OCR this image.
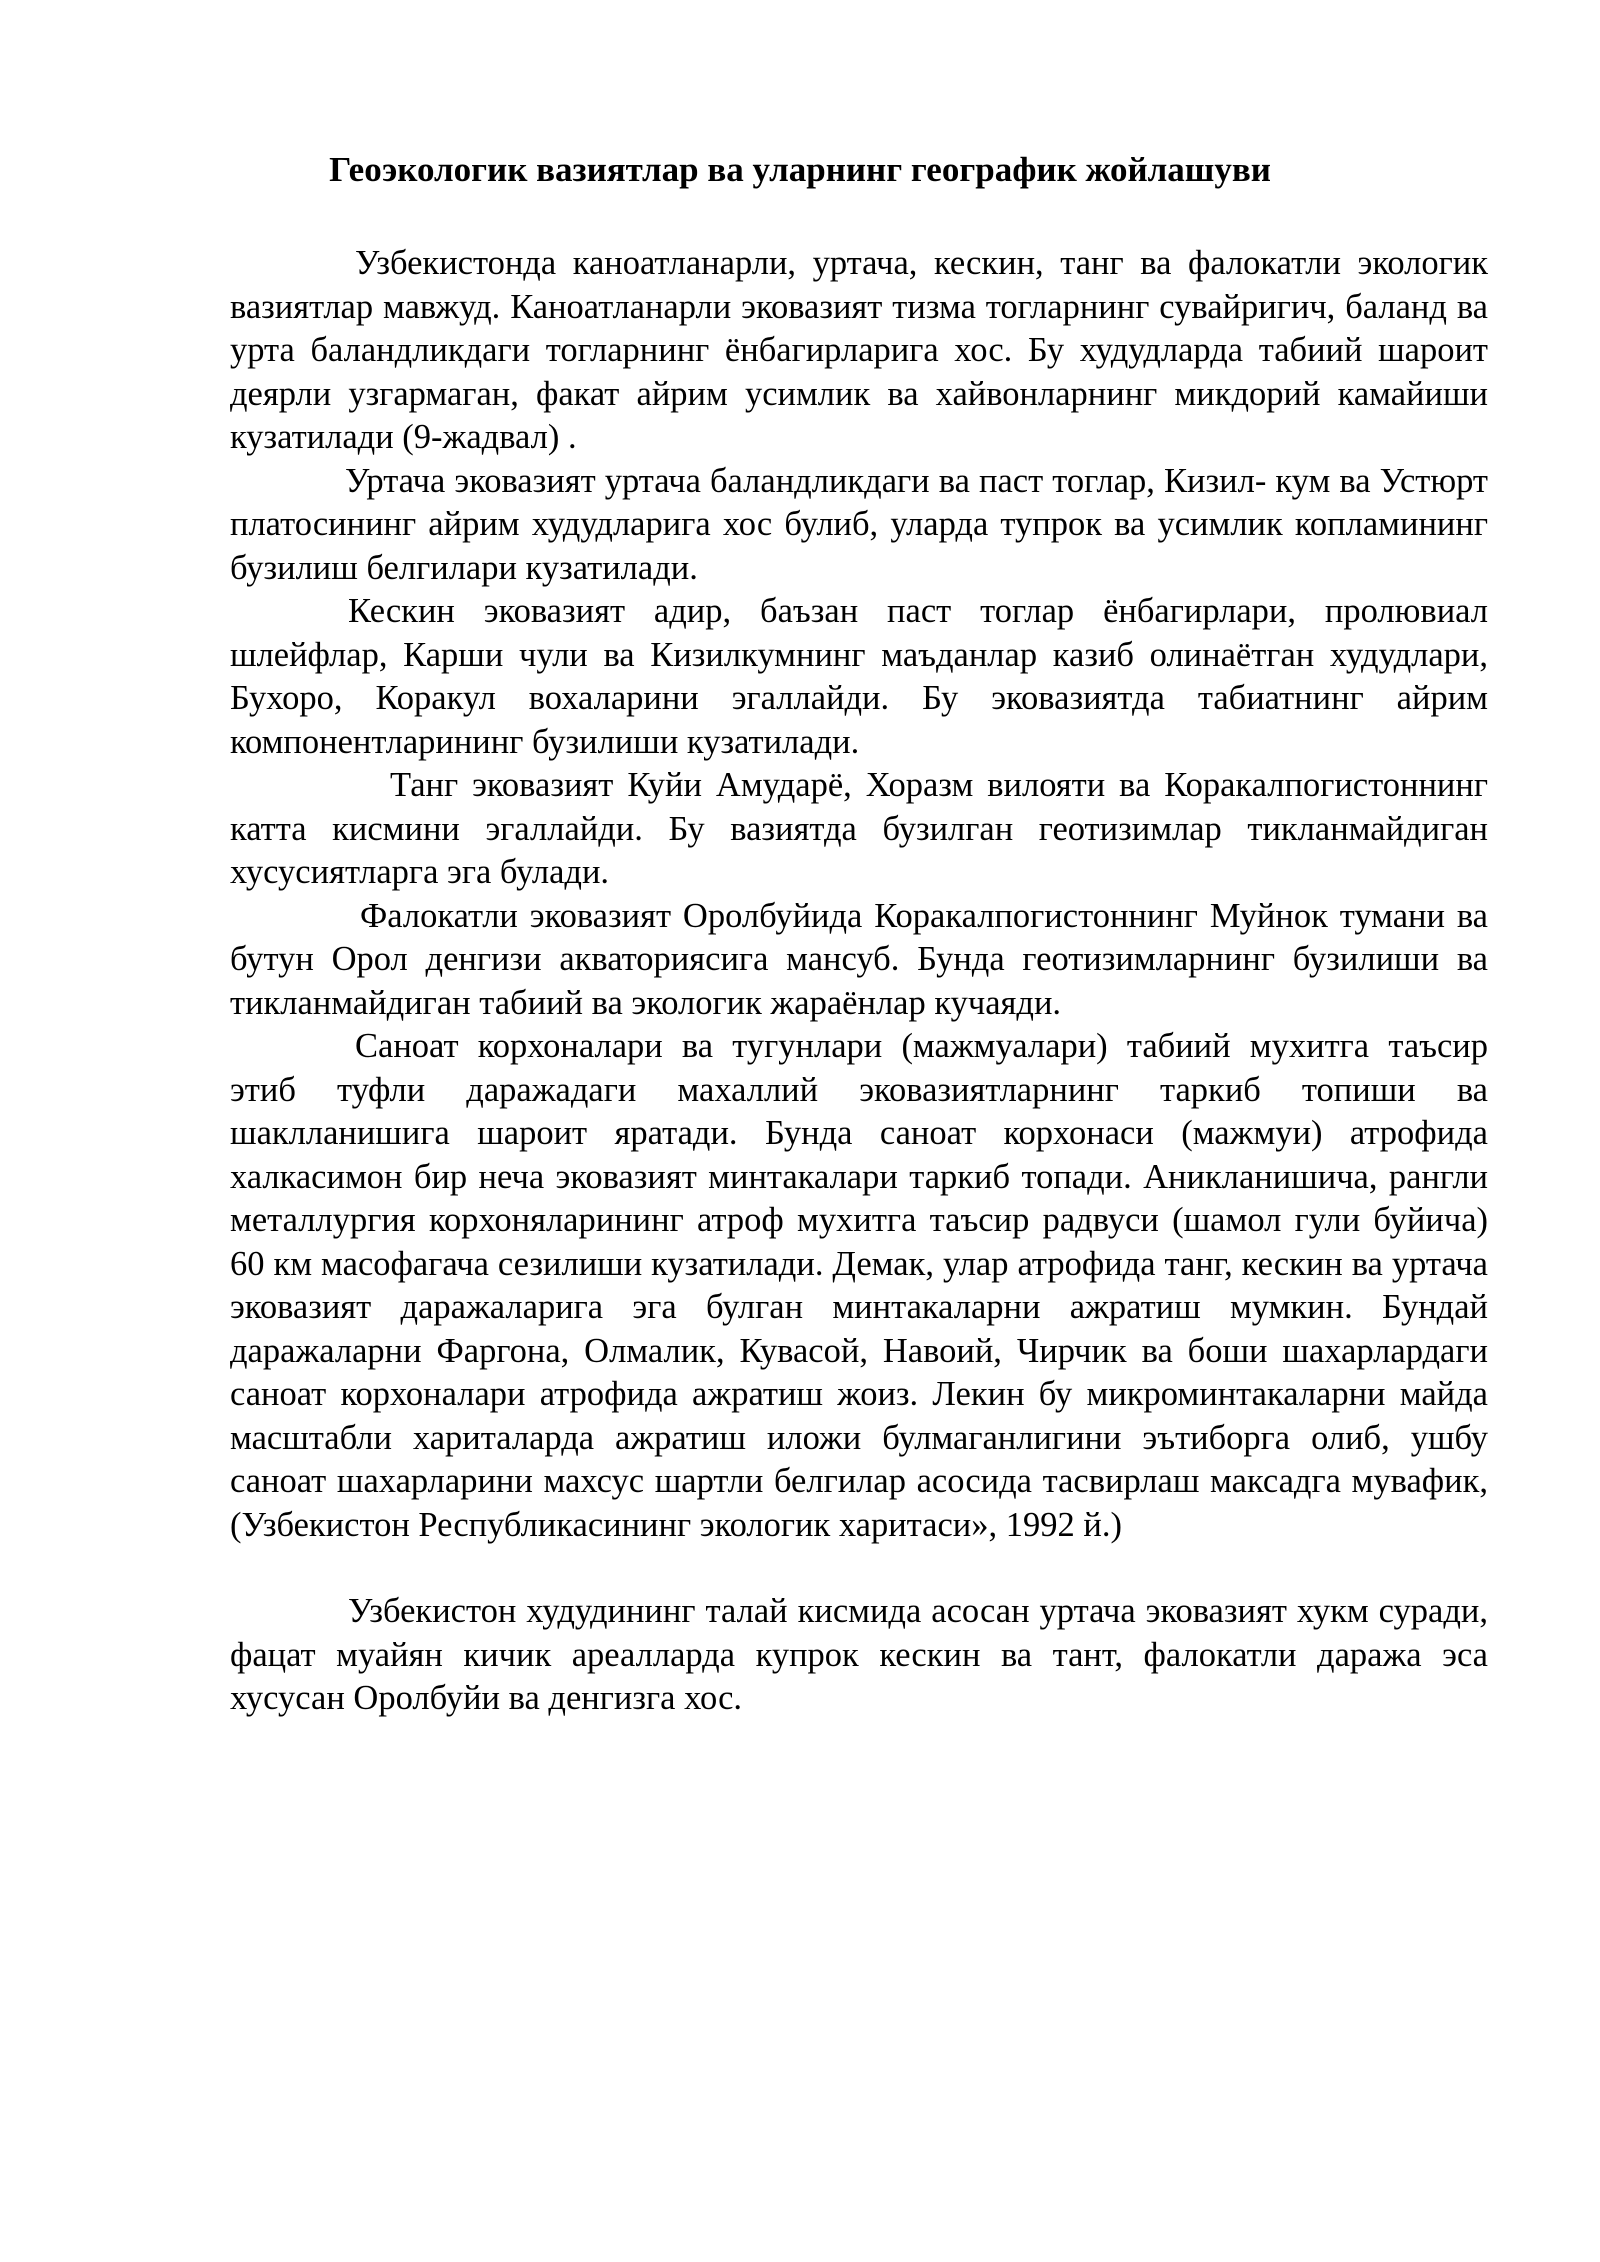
Геоэкологик вазиятлар ва уларнинг географик жойлашуви

Узбекистонда каноатланарли, уртача, кескин, танг ва фалокатли экологик вазиятлар мавжуд. Каноатланарли эковазият тизма тогларнинг сувайригич, баланд ва урта баландликдаги тогларнинг ёнбагирларига хос. Бу худудларда табиий шароит деярли узгармаган, факат айрим усимлик ва хайвонларнинг микдорий камайиши кузатилади (9-жадвал) .

Уртача эковазият уртача баландликдаги ва паст тоглар, Кизил- кум ва Устюрт платосининг айрим худудларига хос булиб, уларда тупрок ва усимлик копламининг бузилиш белгилари кузатилади.

Кескин эковазият адир, баъзан паст тоглар ёнбагирлари, пролювиал шлейфлар, Карши чули ва Кизилкумнинг маъданлар казиб олинаётган худудлари, Бухоро, Коракул вохаларини эгаллайди. Бу эковазиятда табиатнинг айрим компонентларининг бузилиши кузатилади.

Танг эковазият Куйи Амударё, Хоразм вилояти ва Коракалпогистоннинг катта кисмини эгаллайди. Бу вазиятда бузилган геотизимлар тикланмайдиган хусусиятларга эга булади.

Фалокатли эковазият Оролбуйида Коракалпогистоннинг Муйнок тумани ва бутун Орол денгизи акваториясига мансуб. Бунда геотизимларнинг бузилиши ва тикланмайдиган табиий ва экологик жараёнлар кучаяди.

Саноат корхоналари ва тугунлари (мажмуалари) табиий мухитга таъсир этиб туфли даражадаги махаллий эковазиятларнинг таркиб топиши ва шаклланишига шароит яратади. Бунда саноат корхонаси (мажмуи) атрофида халкасимон бир неча эковазият минтакалари таркиб топади. Аникланишича, рангли металлургия корхоняларининг атроф мухитга таъсир радвуси (шамол гули буйича) 60 км масофагача сезилиши кузатилади. Демак, улар атрофида танг, кескин ва уртача эковазият даражаларига эга булган минтакаларни ажратиш мумкин. Бундай даражаларни Фаргона, Олмалик, Кувасой, Навоий, Чирчик ва боши шахарлардаги саноат корхоналари атрофида ажратиш жоиз. Лекин бу микроминтакаларни майда масштабли хариталарда ажратиш иложи булмаганлигини эътиборга олиб, ушбу саноат шахарларини махсус шартли белгилар асосида тасвирлаш максадга мувафик, (Узбекистон Республикасининг экологик харитаси», 1992 й.)

Узбекистон худудининг талай кисмида асосан уртача эковазият хукм суради, фацат муайян кичик ареалларда купрок кескин ва тант, фалокатли даража эса хусусан Оролбуйи ва денгизга хос.
